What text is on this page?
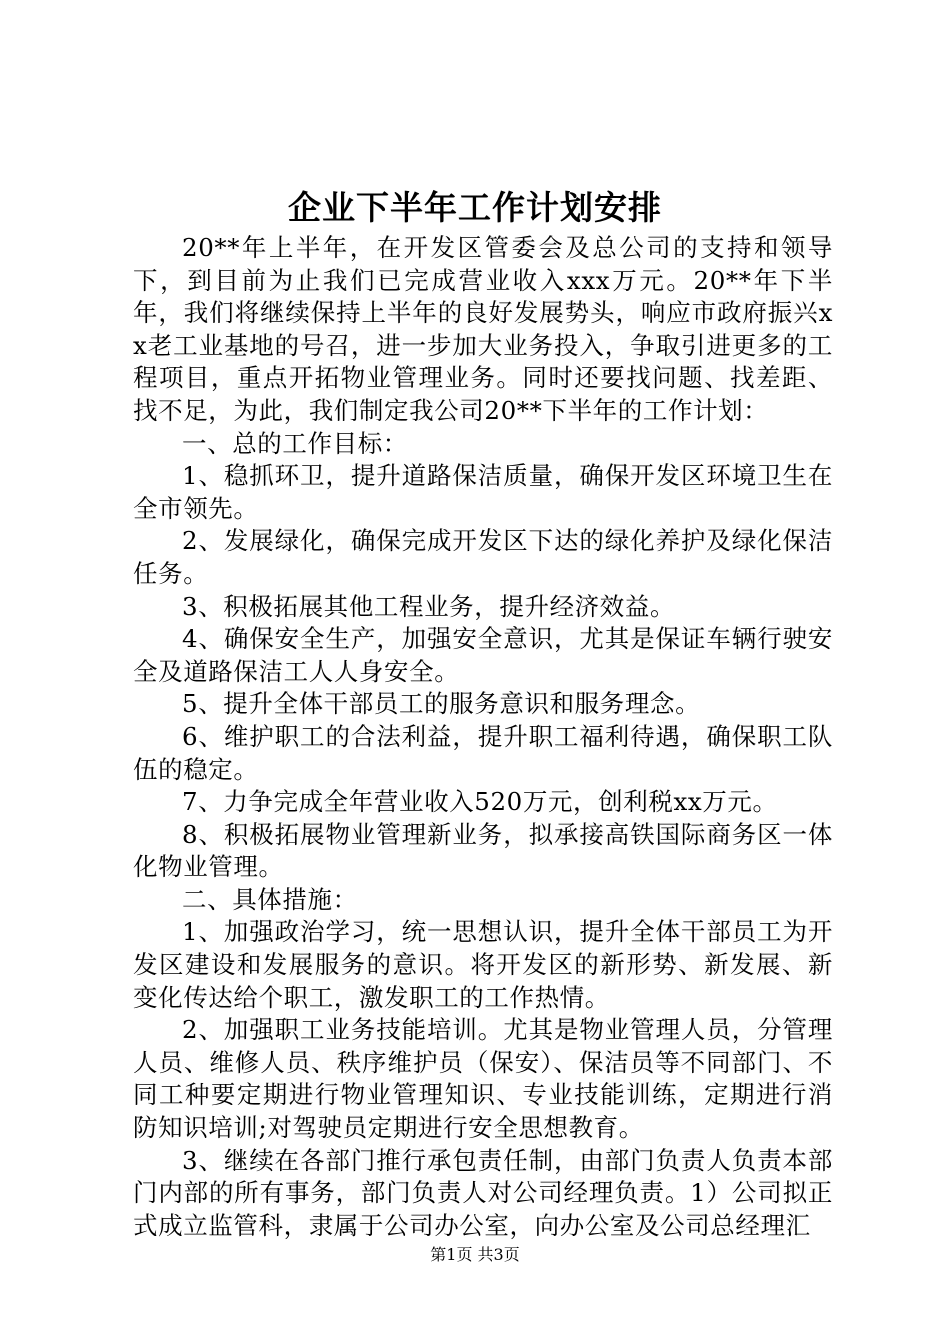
企业下半年工作计划安排

20**年上半年，在开发区管委会及总公司的支持和领导下，到目前为止我们已完成营业收入xxx万元。20**年下半年，我们将继续保持上半年的良好发展势头，响应市政府振兴xx老工业基地的号召，进一步加大业务投入，争取引进更多的工程项目，重点开拓物业管理业务。同时还要找问题、找差距、找不足，为此，我们制定我公司20**下半年的工作计划：

一、总的工作目标：

1、稳抓环卫，提升道路保洁质量，确保开发区环境卫生在全市领先。

2、发展绿化，确保完成开发区下达的绿化养护及绿化保洁任务。

3、积极拓展其他工程业务，提升经济效益。

4、确保安全生产，加强安全意识，尤其是保证车辆行驶安全及道路保洁工人人身安全。

5、提升全体干部员工的服务意识和服务理念。

6、维护职工的合法利益，提升职工福利待遇，确保职工队伍的稳定。

7、力争完成全年营业收入520万元，创利税xx万元。

8、积极拓展物业管理新业务，拟承接高铁国际商务区一体化物业管理。

二、具体措施：

1、加强政治学习，统一思想认识，提升全体干部员工为开发区建设和发展服务的意识。将开发区的新形势、新发展、新变化传达给个职工，激发职工的工作热情。

2、加强职工业务技能培训。尤其是物业管理人员，分管理人员、维修人员、秩序维护员（保安）、保洁员等不同部门、不同工种要定期进行物业管理知识、专业技能训练，定期进行消防知识培训;对驾驶员定期进行安全思想教育。

3、继续在各部门推行承包责任制，由部门负责人负责本部门内部的所有事务，部门负责人对公司经理负责。1）公司拟正式成立监管科，隶属于公司办公室，向办公室及公司总经理汇

第1页 共3页
